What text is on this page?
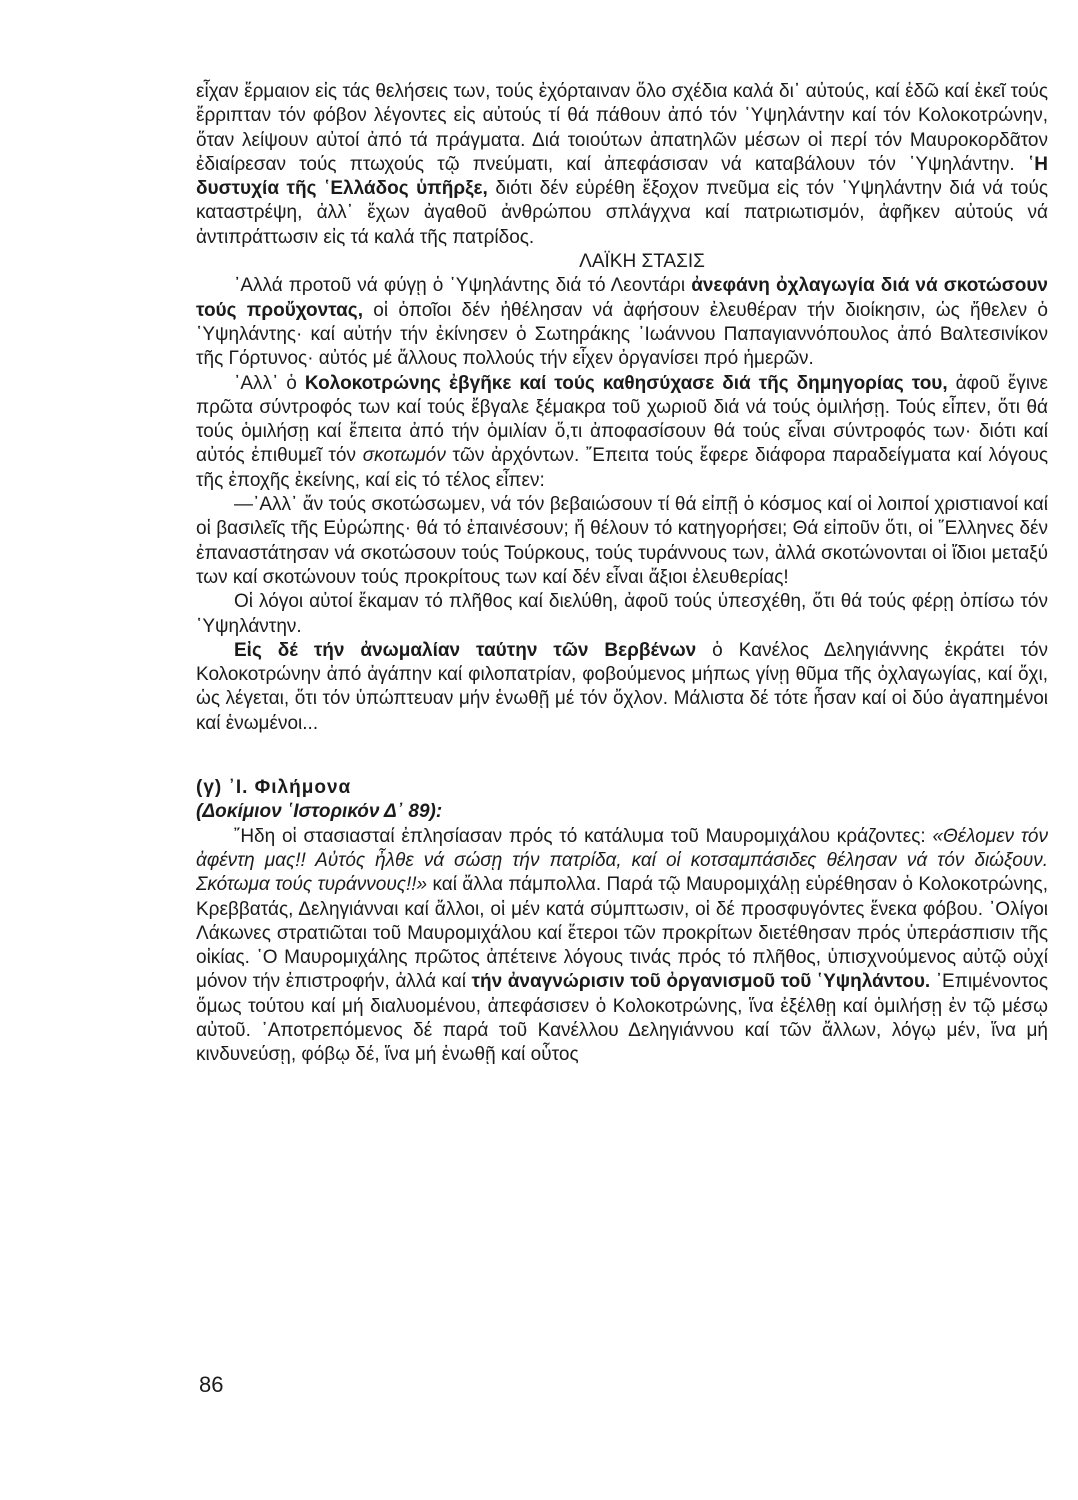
εἶχαν ἕρμαιον εἰς τάς θελήσεις των, τούς ἐχόρταιναν ὅλο σχέδια καλά δι᾽ αὐτούς, καί ἐδῶ καί ἐκεῖ τούς ἔρριπταν τόν φόβον λέγοντες εἰς αὐτούς τί θά πάθουν ἀπό τόν ῾Υψηλάντην καί τόν Κολοκοτρώνην, ὅταν λείψουν αὐτοί ἀπό τά πράγματα. Διά τοιούτων ἀπατηλῶν μέσων οἱ περί τόν Μαυροκορδᾶτον ἐδιαίρεσαν τούς πτωχούς τῷ πνεύματι, καί ἀπεφάσισαν νά καταβάλουν τόν ῾Υψηλάντην. ῾Η δυστυχία τῆς ῾Ελλάδος ὑπῆρξε, διότι δέν εὑρέθη ἔξοχον πνεῦμα εἰς τόν ῾Υψηλάντην διά νά τούς καταστρέψη, ἀλλ᾽ ἔχων ἀγαθοῦ ἀνθρώπου σπλάγχνα καί πατριωτισμόν, ἀφῆκεν αὐτούς νά ἀντιπράττωσιν εἰς τά καλά τῆς πατρίδος.

ΛΑΪΚΗ ΣΤΑΣΙΣ

᾽Αλλά προτοῦ νά φύγῃ ὁ ῾Υψηλάντης διά τό Λεοντάρι ἀνεφάνη ὀχλαγωγία διά νά σκοτώσουν τούς προὔχοντας, οἱ ὁποῖοι δέν ἠθέλησαν νά ἀφήσουν ἐλευθέραν τήν διοίκησιν, ὡς ἤθελεν ὁ ῾Υψηλάντης· καί αὐτήν τήν ἐκίνησεν ὁ Σωτηράκης ᾽Ιωάννου Παπαγιαννόπουλος ἀπό Βαλτεσινίκον τῆς Γόρτυνος· αὐτός μέ ἄλλους πολλούς τήν εἶχεν ὀργανίσει πρό ἡμερῶν.

᾽Αλλ᾽ ὁ Κολοκοτρώνης ἐβγῆκε καί τούς καθησύχασε διά τῆς δημηγορίας του, ἀφοῦ ἔγινε πρῶτα σύντροφός των καί τούς ἔβγαλε ξέμακρα τοῦ χωριοῦ διά νά τούς ὁμιλήσῃ. Τούς εἶπεν, ὅτι θά τούς ὁμιλήσῃ καί ἔπειτα ἀπό τήν ὁμιλίαν ὅ,τι ἀποφασίσουν θά τούς εἶναι σύντροφός των· διότι καί αὐτός ἐπιθυμεῖ τόν σκοτωμόν τῶν ἀρχόντων. ῎Επειτα τούς ἔφερε διάφορα παραδείγματα καί λόγους τῆς ἐποχῆς ἐκείνης, καί εἰς τό τέλος εἶπεν:

—᾽Αλλ᾽ ἄν τούς σκοτώσωμεν, νά τόν βεβαιώσουν τί θά εἰπῇ ὁ κόσμος καί οἱ λοιποί χριστιανοί καί οἱ βασιλεῖς τῆς Εὐρώπης· θά τό ἐπαινέσουν; ἤ θέλουν τό κατηγορήσει; Θά εἰποῦν ὅτι, οἱ ῞Ελληνες δέν ἐπαναστάτησαν νά σκοτώσουν τούς Τούρκους, τούς τυράννους των, ἀλλά σκοτώνονται οἱ ἴδιοι μεταξύ των καί σκοτώνουν τούς προκρίτους των καί δέν εἶναι ἄξιοι ἐλευθερίας!

Οἱ λόγοι αὐτοί ἔκαμαν τό πλῆθος καί διελύθη, ἀφοῦ τούς ὑπεσχέθη, ὅτι θά τούς φέρῃ ὀπίσω τόν ῾Υψηλάντην.

Εἰς δέ τήν ἀνωμαλίαν ταύτην τῶν Βερβένων ὁ Κανέλος Δεληγιάννης ἐκράτει τόν Κολοκοτρώνην ἀπό ἀγάπην καί φιλοπατρίαν, φοβούμενος μήπως γίνῃ θῦμα τῆς ὀχλαγωγίας, καί ὄχι, ὡς λέγεται, ὅτι τόν ὑπώπτευαν μήν ἑνωθῇ μέ τόν ὄχλον. Μάλιστα δέ τότε ἦσαν καί οἱ δύο ἀγαπημένοι καί ἑνωμένοι...

(γ) ᾽Ι. Φιλήμονα

(Δοκίμιον ῾Ιστορικόν Δ᾽ 89):

῎Ηδη οἱ στασιασταί ἐπλησίασαν πρός τό κατάλυμα τοῦ Μαυρομιχάλου κράζοντες: «Θέλομεν τόν ἀφέντη μας!! Αὐτός ἦλθε νά σώσῃ τήν πατρίδα, καί οἱ κοτσαμπάσιδες θέλησαν νά τόν διώξουν. Σκότωμα τούς τυράννους!!» καί ἄλλα πάμπολλα. Παρά τῷ Μαυρομιχάλῃ εὑρέθησαν ὁ Κολοκοτρώνης, Κρεββατάς, Δεληγιάνναι καί ἄλλοι, οἱ μέν κατά σύμπτωσιν, οἱ δέ προσφυγόντες ἕνεκα φόβου. ᾽Ολίγοι Λάκωνες στρατιῶται τοῦ Μαυρομιχάλου καί ἕτεροι τῶν προκρίτων διετέθησαν πρός ὑπεράσπισιν τῆς οἰκίας. ῾Ο Μαυρομιχάλης πρῶτος ἀπέτεινε λόγους τινάς πρός τό πλῆθος, ὑπισχνούμενος αὐτῷ οὐχί μόνον τήν ἐπιστροφήν, ἀλλά καί τήν ἀναγνώρισιν τοῦ ὀργανισμοῦ τοῦ ῾Υψηλάντου. ᾽Επιμένοντος ὅμως τούτου καί μή διαλυομένου, ἀπεφάσισεν ὁ Κολοκοτρώνης, ἵνα ἐξέλθῃ καί ὁμιλήσῃ ἐν τῷ μέσῳ αὐτοῦ. ᾽Αποτρεπόμενος δέ παρά τοῦ Κανέλλου Δεληγιάννου καί τῶν ἄλλων, λόγῳ μέν, ἵνα μή κινδυνεύσῃ, φόβῳ δέ, ἵνα μή ἑνωθῇ καί οὗτος

86
